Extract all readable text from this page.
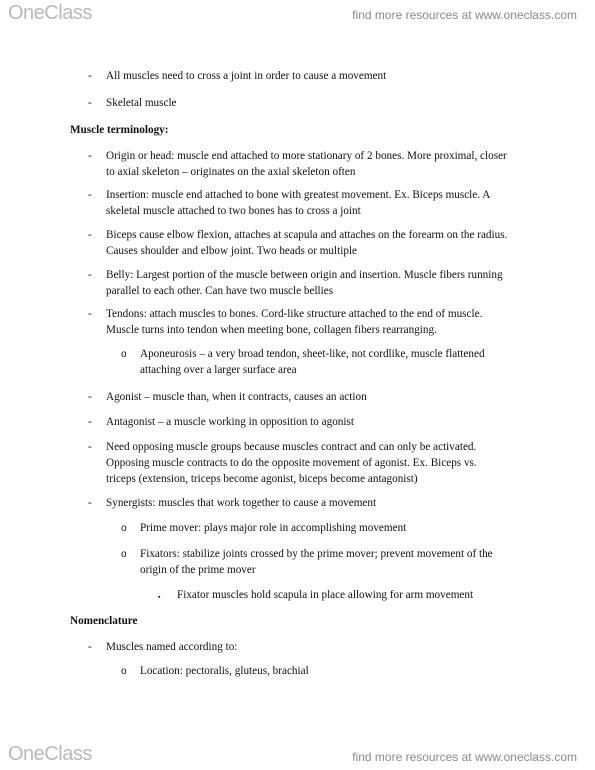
OneClass	find more resources at www.oneclass.com
- All muscles need to cross a joint in order to cause a movement
- Skeletal muscle
Muscle terminology:
- Origin or head: muscle end attached to more stationary of 2 bones. More proximal, closer
to axial skeleton – originates on the axial skeleton often
- Insertion: muscle end attached to bone with greatest movement. Ex. Biceps muscle. A
skeletal muscle attached to two bones has to cross a joint
- Biceps cause elbow flexion, attaches at scapula and attaches on the forearm on the radius.
Causes shoulder and elbow joint. Two heads or multiple
- Belly: Largest portion of the muscle between origin and insertion. Muscle fibers running
parallel to each other. Can have two muscle bellies
- Tendons: attach muscles to bones. Cord-like structure attached to the end of muscle.
Muscle turns into tendon when meeting bone, collagen fibers rearranging.
o Aponeurosis – a very broad tendon, sheet-like, not cordlike, muscle flattened
attaching over a larger surface area
- Agonist – muscle than, when it contracts, causes an action
- Antagonist – a muscle working in opposition to agonist
- Need opposing muscle groups because muscles contract and can only be activated.
Opposing muscle contracts to do the opposite movement of agonist. Ex. Biceps vs.
triceps (extension, triceps become agonist, biceps become antagonist)
- Synergists: muscles that work together to cause a movement
o Prime mover: plays major role in accomplishing movement
o Fixators: stabilize joints crossed by the prime mover; prevent movement of the
origin of the prime mover
▪ Fixator muscles hold scapula in place allowing for arm movement
Nomenclature
- Muscles named according to:
o Location: pectoralis, gluteus, brachial
OneClass	find more resources at www.oneclass.com
